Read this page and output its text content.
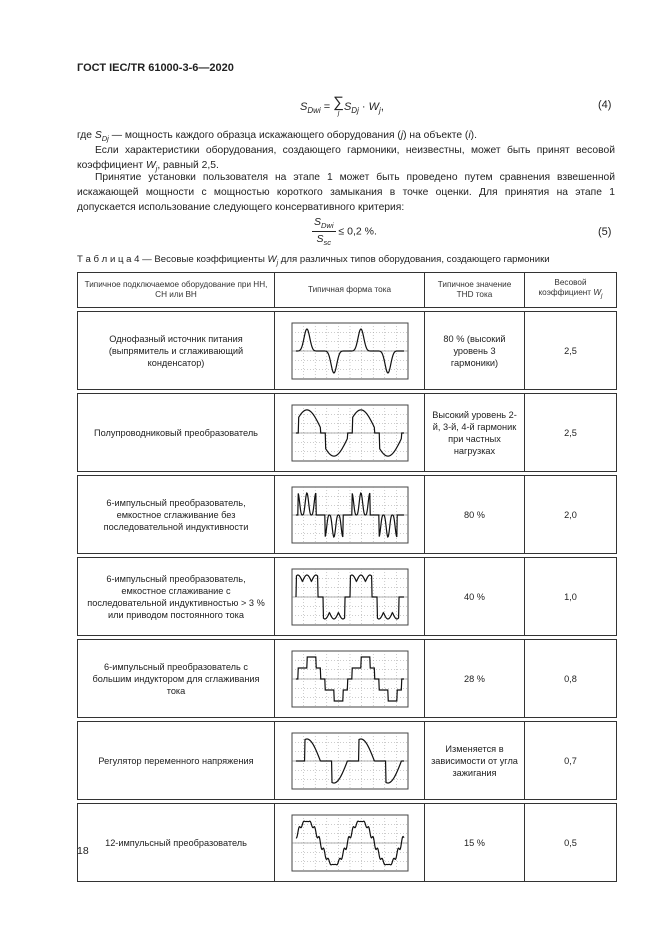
ГОСТ IEC/TR 61000-3-6—2020
$S_{Dwi}$ = ∑
j
$S_{Dj} \cdot W_j$,	(4)
где $S_{Dj}$ — мощность каждого образца искажающего оборудования (j) на объекте (i).
Если характеристики оборудования, создающего гармоники, неизвестны, может быть принят весовой коэффициент $W_j$, равный 2,5.
Принятие установки пользователя на этапе 1 может быть проведено путем сравнения взвешенной искажающей мощности с мощностью короткого замыкания в точке оценки. Для принятия на этапе 1 допускается использование следующего консервативного критерия:
$\frac{S_{Dwi}}{S_{sc}} \le 0,2$ %.	(5)
Т а б л и ц а 4 — Весовые коэффициенты $W_j$ для различных типов оборудования, создающего гармоники
Типичное подключаемое оборудование при НН, СН или ВН	Типичная форма тока	Типичное значение THD тока	Весовой коэффициент $W_j$

Однофазный источник питания (выпрямитель и сглаживающий конденсатор)		80 % (высокий уровень 3 гармоники)	2,5

Полупроводниковый преобразователь		Высокий уровень 2-й, 3-й, 4-й гармоник при частных нагрузках	2,5

6-импульсный преобразователь, емкостное сглаживание без последовательной индуктивности		80 %	2,0

6-импульсный преобразователь, емкостное сглаживание с последовательной индуктивностью > 3 % или приводом постоянного тока		40 %	1,0

6-импульсный преобразователь с большим индуктором для сглаживания тока		28 %	0,8

Регулятор переменного напряжения		Изменяется в зависимости от угла зажигания	0,7

12-импульсный преобразователь		15 %	0,5
18
